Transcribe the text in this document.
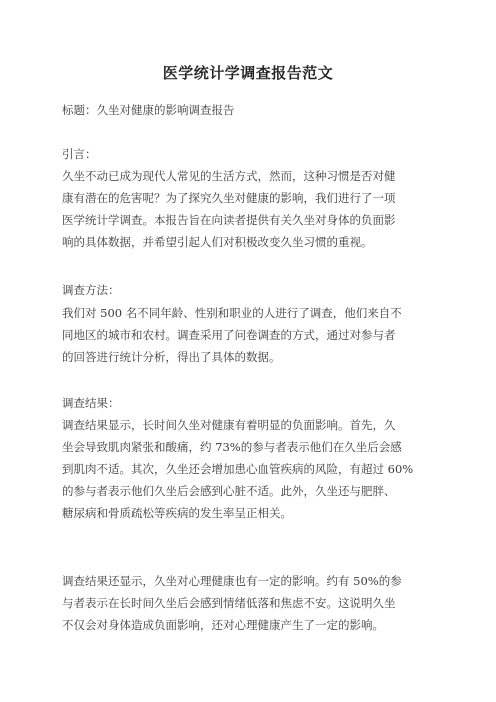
医学统计学调查报告范文

标题：久坐对健康的影响调查报告

引言：

久坐不动已成为现代人常见的生活方式，然而，这种习惯是否对健
康有潜在的危害呢？为了探究久坐对健康的影响，我们进行了一项
医学统计学调查。本报告旨在向读者提供有关久坐对身体的负面影
响的具体数据，并希望引起人们对积极改变久坐习惯的重视。

调查方法：

我们对 500 名不同年龄、性别和职业的人进行了调查，他们来自不
同地区的城市和农村。调查采用了问卷调查的方式，通过对参与者
的回答进行统计分析，得出了具体的数据。

调查结果：

调查结果显示，长时间久坐对健康有着明显的负面影响。首先，久
坐会导致肌肉紧张和酸痛，约 73%的参与者表示他们在久坐后会感
到肌肉不适。其次，久坐还会增加患心血管疾病的风险，有超过 60%
的参与者表示他们久坐后会感到心脏不适。此外，久坐还与肥胖、
糖尿病和骨质疏松等疾病的发生率呈正相关。
调查结果还显示，久坐对心理健康也有一定的影响。约有 50%的参
与者表示在长时间久坐后会感到情绪低落和焦虑不安。这说明久坐
不仅会对身体造成负面影响，还对心理健康产生了一定的影响。
